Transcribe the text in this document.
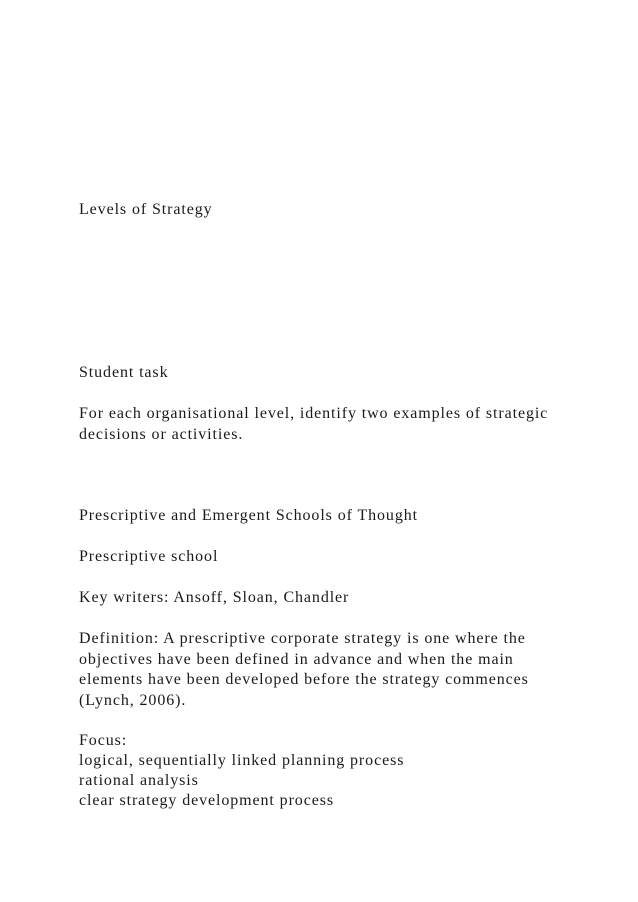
Levels of Strategy
Student task
For each organisational level, identify two examples of strategic
decisions or activities.
Prescriptive and Emergent Schools of Thought
Prescriptive school
Key writers: Ansoff, Sloan, Chandler
Definition: A prescriptive corporate strategy is one where the
objectives have been defined in advance and when the main
elements have been developed before the strategy commences
(Lynch, 2006).
Focus:
logical, sequentially linked planning process
rational analysis
clear strategy development process
